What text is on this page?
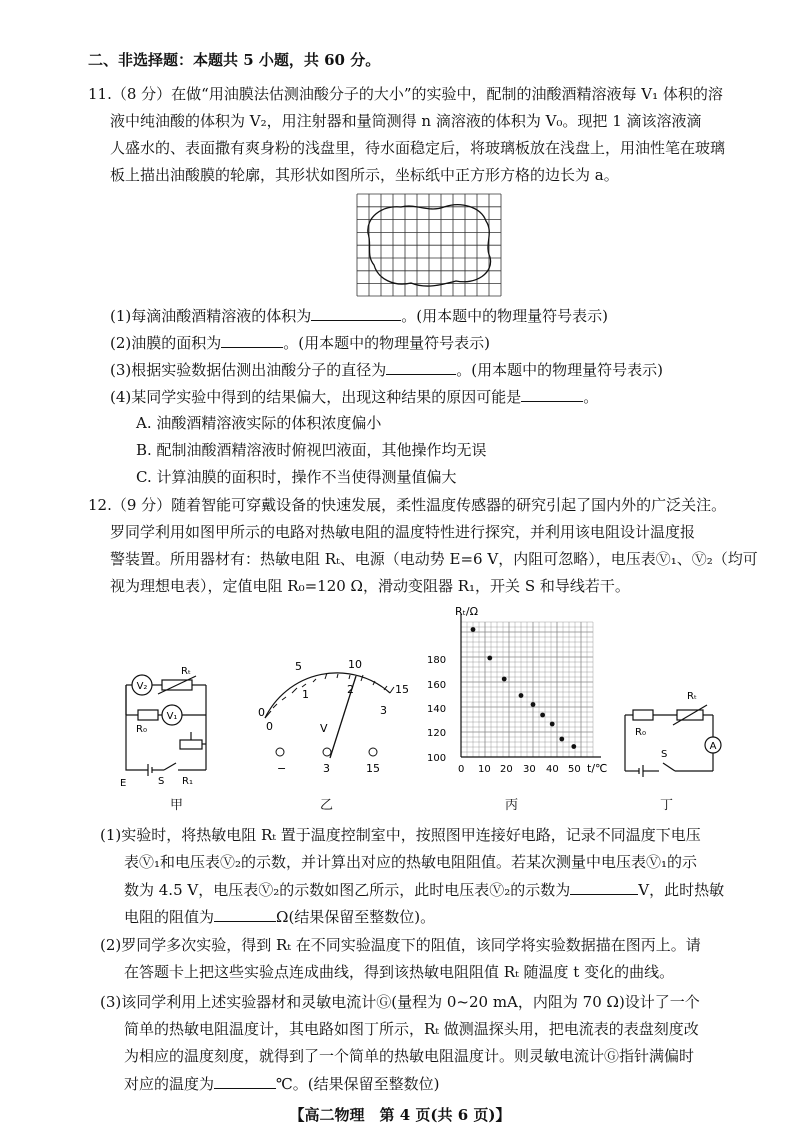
二、非选择题：本题共 5 小题，共 60 分。
11.（8 分）在做“用油膜法估测油酸分子的大小”的实验中，配制的油酸酒精溶液每 V₁ 体积的溶
液中纯油酸的体积为 V₂，用注射器和量筒测得 n 滴溶液的体积为 V₀。现把 1 滴该溶液滴
人盛水的、表面撒有爽身粉的浅盘里，待水面稳定后，将玻璃板放在浅盘上，用油性笔在玻璃
板上描出油酸膜的轮廓，其形状如图所示，坐标纸中正方形方格的边长为 a。
(1)每滴油酸酒精溶液的体积为	。(用本题中的物理量符号表示)
(2)油膜的面积为	。(用本题中的物理量符号表示)
(3)根据实验数据估测出油酸分子的直径为	。(用本题中的物理量符号表示)
(4)某同学实验中得到的结果偏大，出现这种结果的原因可能是	。
A. 油酸酒精溶液实际的体积浓度偏小
B. 配制油酸酒精溶液时俯视凹液面，其他操作均无误
C. 计算油膜的面积时，操作不当使得测量值偏大
12.（9 分）随着智能可穿戴设备的快速发展，柔性温度传感器的研究引起了国内外的广泛关注。
罗同学利用如图甲所示的电路对热敏电阻的温度特性进行探究，并利用该电阻设计温度报
警装置。所用器材有：热敏电阻 Rₜ、电源（电动势 E=6 V，内阻可忽略），电压表Ⓥ₁、Ⓥ₂（均可
视为理想电表），定值电阻 R₀=120 Ω，滑动变阻器 R₁，开关 S 和导线若干。
V₂
V₁
Rₜ
R₀
S R₁
E
甲
0
5	10
15
0
1	2
3
V
−	3	15
乙
Rₜ/Ω
t/℃
180
160
140
120
100
0 10 20 30 40 50
丙
A
Rₜ
R₀
S
丁
(1)实验时，将热敏电阻 Rₜ 置于温度控制室中，按照图甲连接好电路，记录不同温度下电压
表Ⓥ₁和电压表Ⓥ₂的示数，并计算出对应的热敏电阻阻值。若某次测量中电压表Ⓥ₁的示
数为 4.5 V，电压表Ⓥ₂的示数如图乙所示，此时电压表Ⓥ₂的示数为	V，此时热敏
电阻的阻值为	Ω(结果保留至整数位)。
(2)罗同学多次实验，得到 Rₜ 在不同实验温度下的阻值，该同学将实验数据描在图丙上。请
在答题卡上把这些实验点连成曲线，得到该热敏电阻阻值 Rₜ 随温度 t 变化的曲线。
(3)该同学利用上述实验器材和灵敏电流计Ⓖ(量程为 0~20 mA，内阻为 70 Ω)设计了一个
简单的热敏电阻温度计，其电路如图丁所示，Rₜ 做测温探头用，把电流表的表盘刻度改
为相应的温度刻度，就得到了一个简单的热敏电阻温度计。则灵敏电流计Ⓖ指针满偏时
对应的温度为	℃。(结果保留至整数位)
【高二物理　第 4 页(共 6 页)】
